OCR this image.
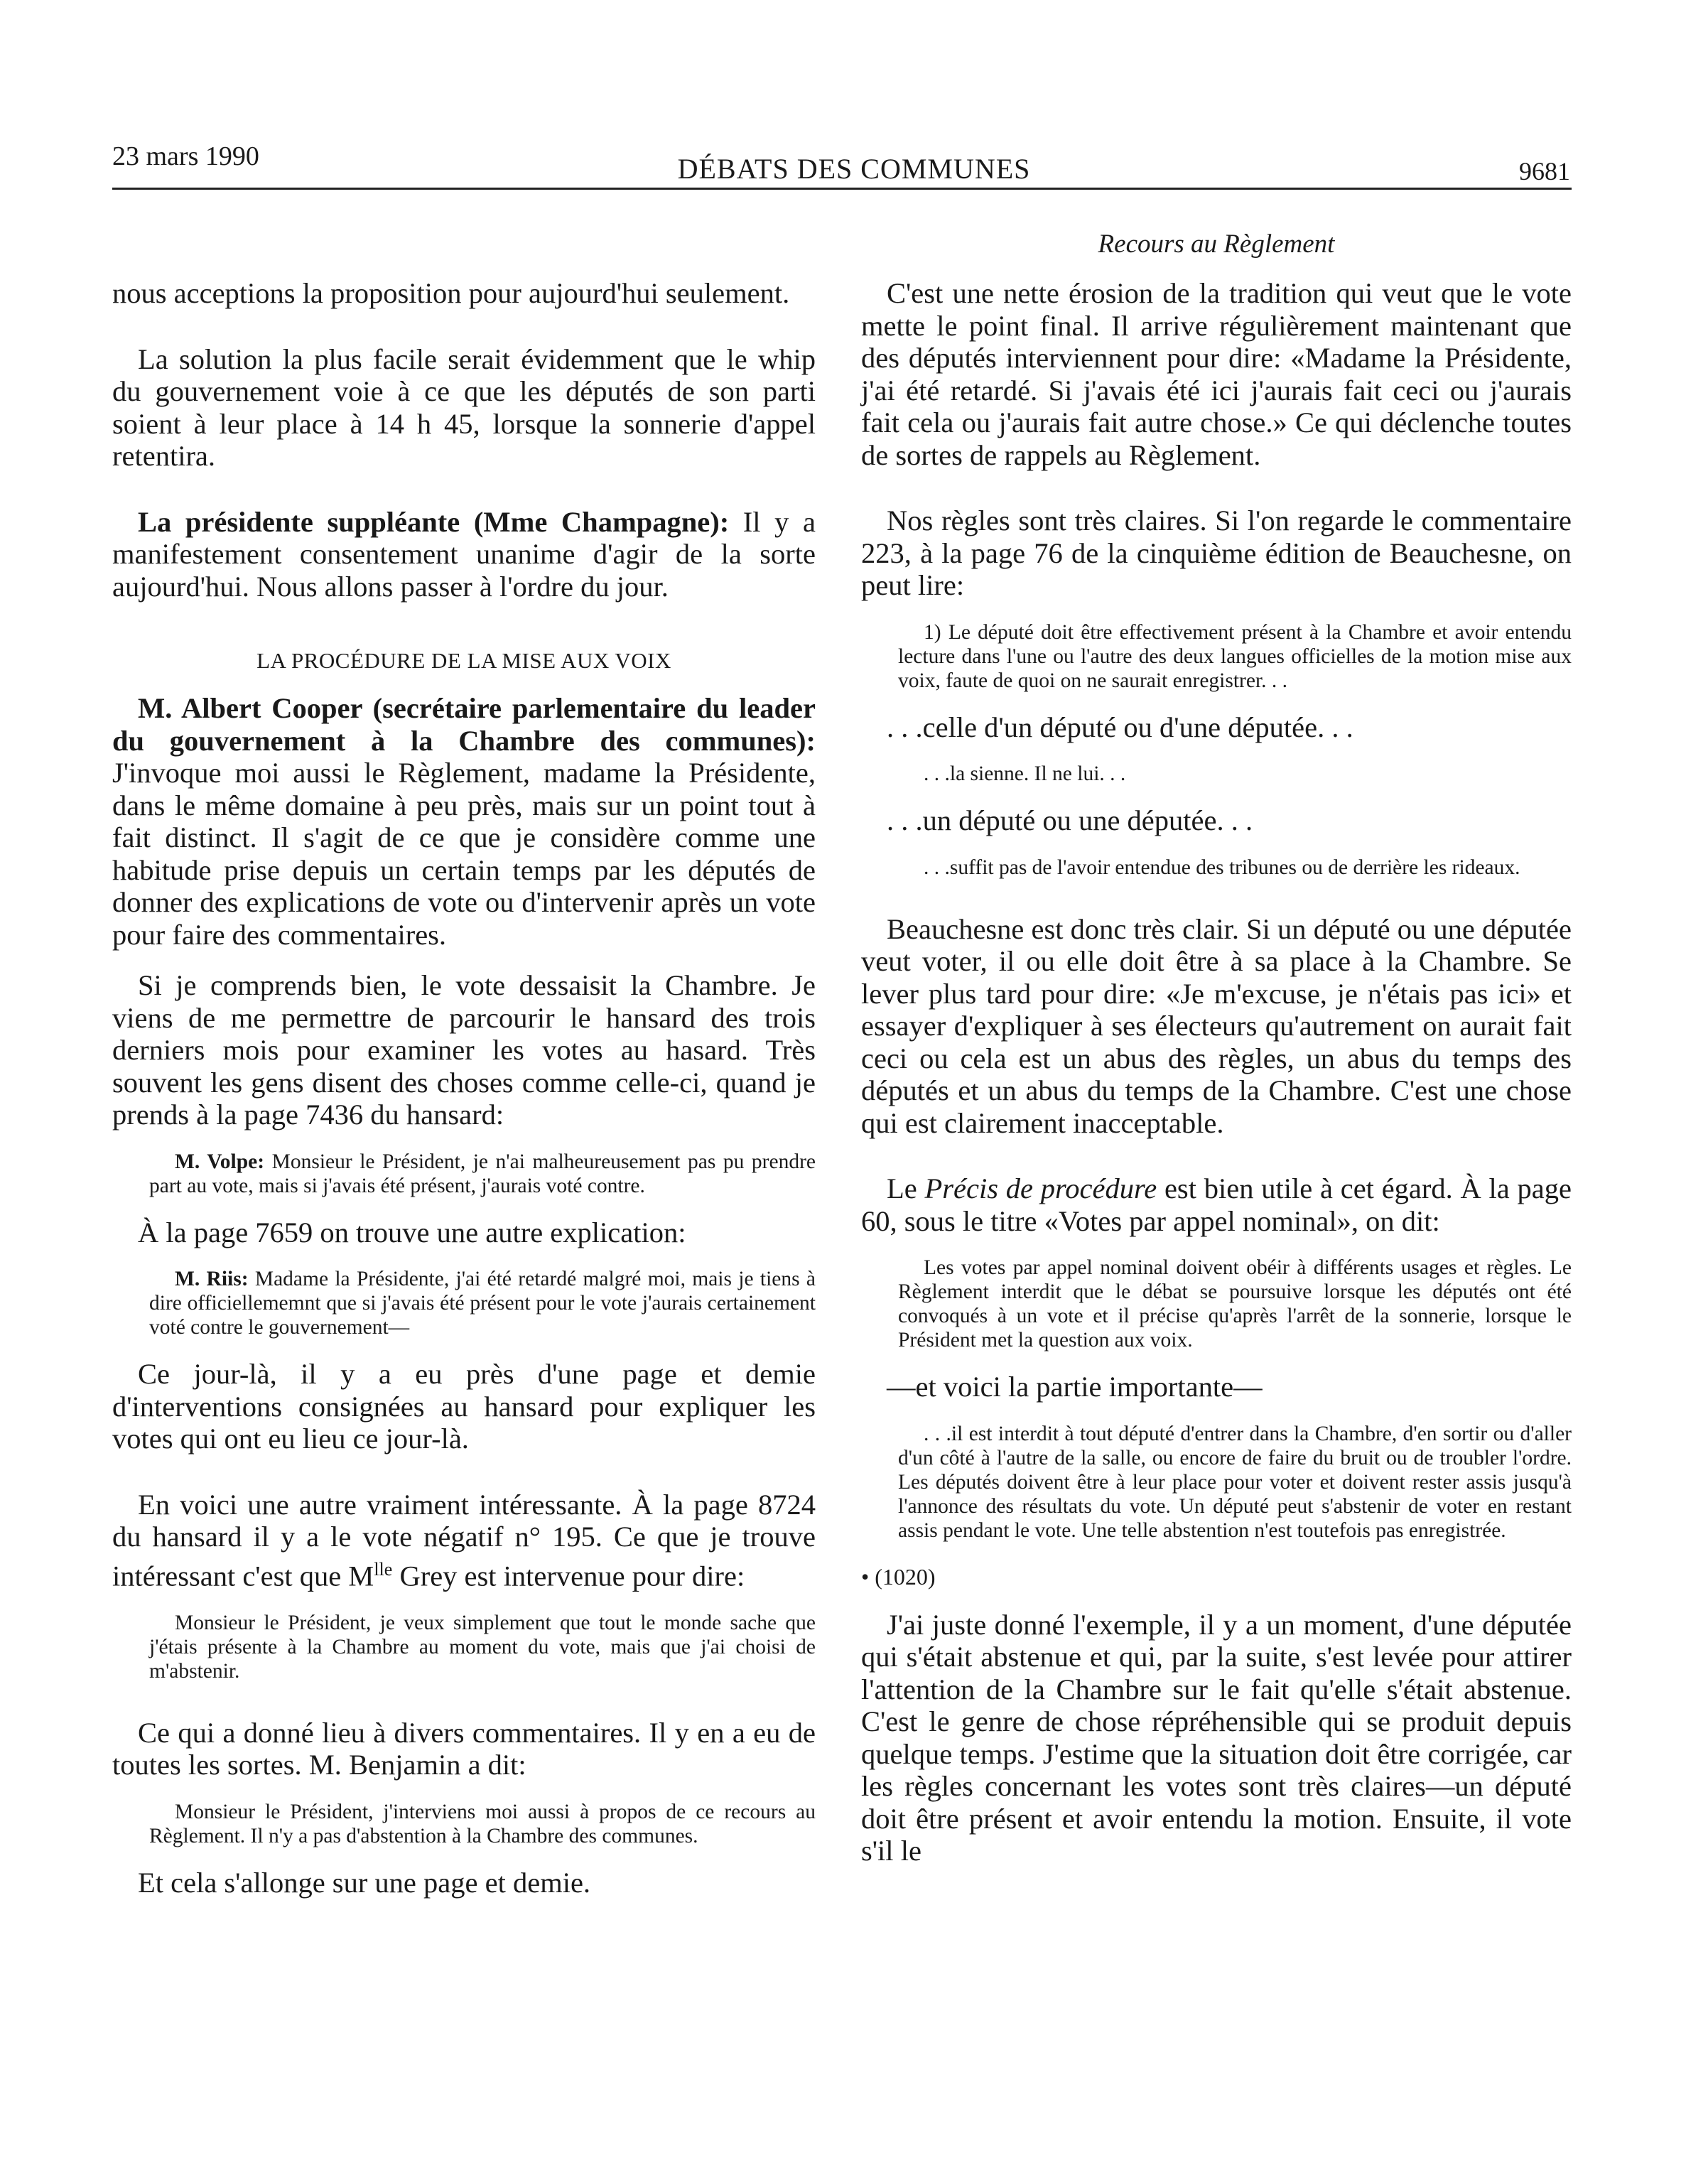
23 mars 1990	DÉBATS DES COMMUNES	9681
Recours au Règlement

nous acceptions la proposition pour aujourd'hui seulement.

La solution la plus facile serait évidemment que le whip du gouvernement voie à ce que les députés de son parti soient à leur place à 14 h 45, lorsque la sonnerie d'appel retentira.

La présidente suppléante (Mme Champagne): Il y a manifestement consentement unanime d'agir de la sorte aujourd'hui. Nous allons passer à l'ordre du jour.

LA PROCÉDURE DE LA MISE AUX VOIX

M. Albert Cooper (secrétaire parlementaire du leader du gouvernement à la Chambre des communes): J'invoque moi aussi le Règlement, madame la Présidente, dans le même domaine à peu près, mais sur un point tout à fait distinct. Il s'agit de ce que je considère comme une habitude prise depuis un certain temps par les députés de donner des explications de vote ou d'intervenir après un vote pour faire des commentaires.

Si je comprends bien, le vote dessaisit la Chambre. Je viens de me permettre de parcourir le hansard des trois derniers mois pour examiner les votes au hasard. Très souvent les gens disent des choses comme celle-ci, quand je prends à la page 7436 du hansard:

M. Volpe: Monsieur le Président, je n'ai malheureusement pas pu prendre part au vote, mais si j'avais été présent, j'aurais voté contre.

À la page 7659 on trouve une autre explication:

M. Riis: Madame la Présidente, j'ai été retardé malgré moi, mais je tiens à dire officiellememnt que si j'avais été présent pour le vote j'aurais certainement voté contre le gouvernement—

Ce jour-là, il y a eu près d'une page et demie d'interventions consignées au hansard pour expliquer les votes qui ont eu lieu ce jour-là.

En voici une autre vraiment intéressante. À la page 8724 du hansard il y a le vote négatif n° 195. Ce que je trouve intéressant c'est que $M^{lle}$ Grey est intervenue pour dire:

Monsieur le Président, je veux simplement que tout le monde sache que j'étais présente à la Chambre au moment du vote, mais que j'ai choisi de m'abstenir.

Ce qui a donné lieu à divers commentaires. Il y en a eu de toutes les sortes. M. Benjamin a dit:

Monsieur le Président, j'interviens moi aussi à propos de ce recours au Règlement. Il n'y a pas d'abstention à la Chambre des communes.

Et cela s'allonge sur une page et demie.

C'est une nette érosion de la tradition qui veut que le vote mette le point final. Il arrive régulièrement maintenant que des députés interviennent pour dire: «Madame la Présidente, j'ai été retardé. Si j'avais été ici j'aurais fait ceci ou j'aurais fait cela ou j'aurais fait autre chose.» Ce qui déclenche toutes de sortes de rappels au Règlement.

Nos règles sont très claires. Si l'on regarde le commentaire 223, à la page 76 de la cinquième édition de Beauchesne, on peut lire:

1) Le député doit être effectivement présent à la Chambre et avoir entendu lecture dans l'une ou l'autre des deux langues officielles de la motion mise aux voix, faute de quoi on ne saurait enregistrer. . .

. . .celle d'un député ou d'une députée. . .

. . .la sienne. Il ne lui. . .

. . .un député ou une députée. . .

. . .suffit pas de l'avoir entendue des tribunes ou de derrière les rideaux.

Beauchesne est donc très clair. Si un député ou une députée veut voter, il ou elle doit être à sa place à la Chambre. Se lever plus tard pour dire: «Je m'excuse, je n'étais pas ici» et essayer d'expliquer à ses électeurs qu'autrement on aurait fait ceci ou cela est un abus des règles, un abus du temps des députés et un abus du temps de la Chambre. C'est une chose qui est clairement inacceptable.

Le Précis de procédure est bien utile à cet égard. À la page 60, sous le titre «Votes par appel nominal», on dit:

Les votes par appel nominal doivent obéir à différents usages et règles. Le Règlement interdit que le débat se poursuive lorsque les députés ont été convoqués à un vote et il précise qu'après l'arrêt de la sonnerie, lorsque le Président met la question aux voix.

—et voici la partie importante—

. . .il est interdit à tout député d'entrer dans la Chambre, d'en sortir ou d'aller d'un côté à l'autre de la salle, ou encore de faire du bruit ou de troubler l'ordre. Les députés doivent être à leur place pour voter et doivent rester assis jusqu'à l'annonce des résultats du vote. Un député peut s'abstenir de voter en restant assis pendant le vote. Une telle abstention n'est toutefois pas enregistrée.

• (1020)

J'ai juste donné l'exemple, il y a un moment, d'une députée qui s'était abstenue et qui, par la suite, s'est levée pour attirer l'attention de la Chambre sur le fait qu'elle s'était abstenue. C'est le genre de chose répréhensible qui se produit depuis quelque temps. J'estime que la situation doit être corrigée, car les règles concernant les votes sont très claires—un député doit être présent et avoir entendu la motion. Ensuite, il vote s'il le
